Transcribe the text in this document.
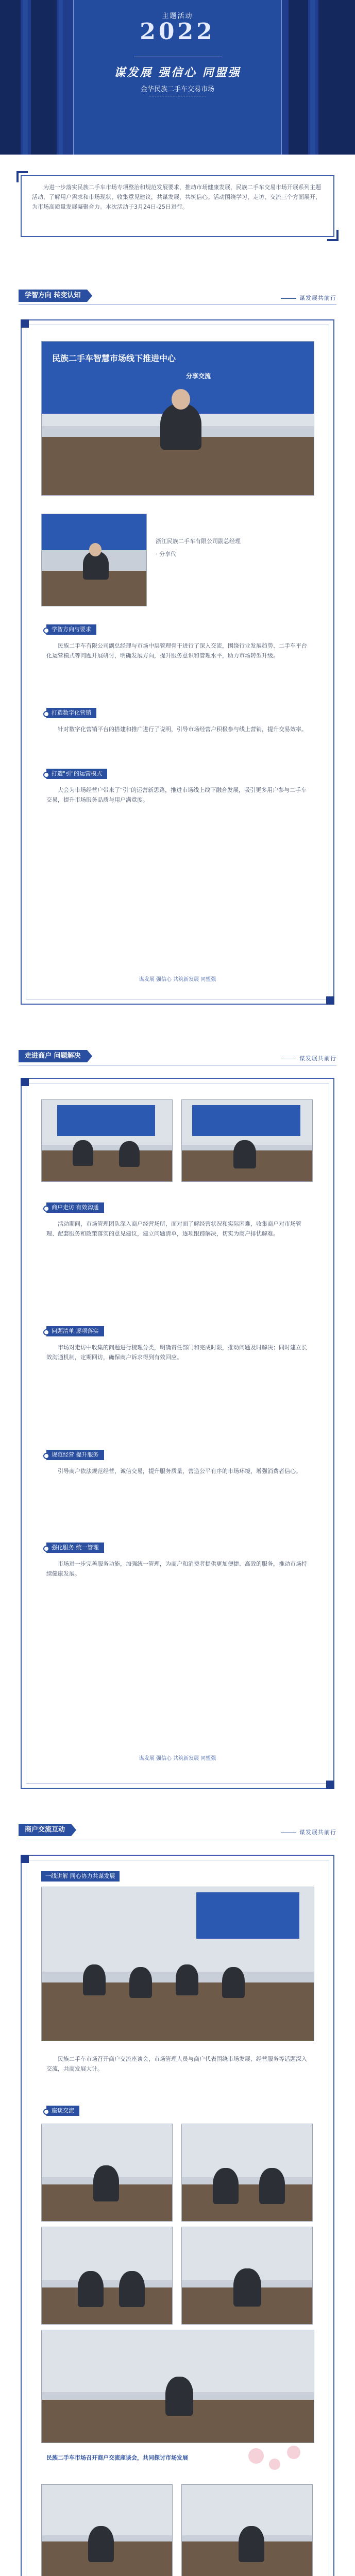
主题活动
2022
谋发展 强信心 同盟强
金华民族二手车交易市场
为进一步落实民族二手车市场专项整治和规范发展要求，推动市场健康发展，民族二手车交易市场开展系列主题活动，了解用户需求和市场现状，收集意见建议，共谋发展、共筑信心。活动围绕学习、走访、交流三个方面展开，为市场高质量发展凝聚合力。本次活动于3月24日-25日进行。
学智方向 转变认知	谋发展共前行
民族二手车智慧市场线下推进中心
分享交流
浙江民族二手车有限公司副总经理
· 分享代
学智方向与要求
民族二手车有限公司副总经理与市场中层管理骨干进行了深入交流，围绕行业发展趋势、二手车平台化运营模式等问题开展研讨，明确发展方向，提升服务意识和管理水平，助力市场转型升级。
打造数字化营销
针对数字化营销平台的搭建和推广进行了说明，引导市场经营户积极参与线上营销，提升交易效率。
打造"引"的运营模式
大会为市场经营户带来了"引"的运营新思路，推进市场线上线下融合发展，吸引更多用户参与二手车交易，提升市场服务品质与用户满意度。
谋发展 强信心 共筑新发展 同盟强
走进商户 问题解决	谋发展共前行
商户走访 有效沟通
活动期间，市场管理团队深入商户经营场所，面对面了解经营状况和实际困难，收集商户对市场管理、配套服务和政策落实的意见建议，建立问题清单，逐项跟踪解决，切实为商户排忧解难。
问题清单 逐项落实
市场对走访中收集的问题进行梳理分类，明确责任部门和完成时限，推动问题及时解决；同时建立长效沟通机制，定期回访，确保商户诉求得到有效回应。
规范经营 提升服务
引导商户依法规范经营，诚信交易，提升服务质量，营造公平有序的市场环境，增强消费者信心。
强化服务 统一管理
市场进一步完善服务功能，加强统一管理，为商户和消费者提供更加便捷、高效的服务，推动市场持续健康发展。
谋发展 强信心 共筑新发展 同盟强
商户交流互动	谋发展共前行
一线讲解 同心协力共谋发展
民族二手车市场召开商户交流座谈会，市场管理人员与商户代表围绕市场发展、经营服务等话题深入交流，共商发展大计。
座谈交流
民族二手车市场召开商户交流座谈会，共同探讨市场发展
